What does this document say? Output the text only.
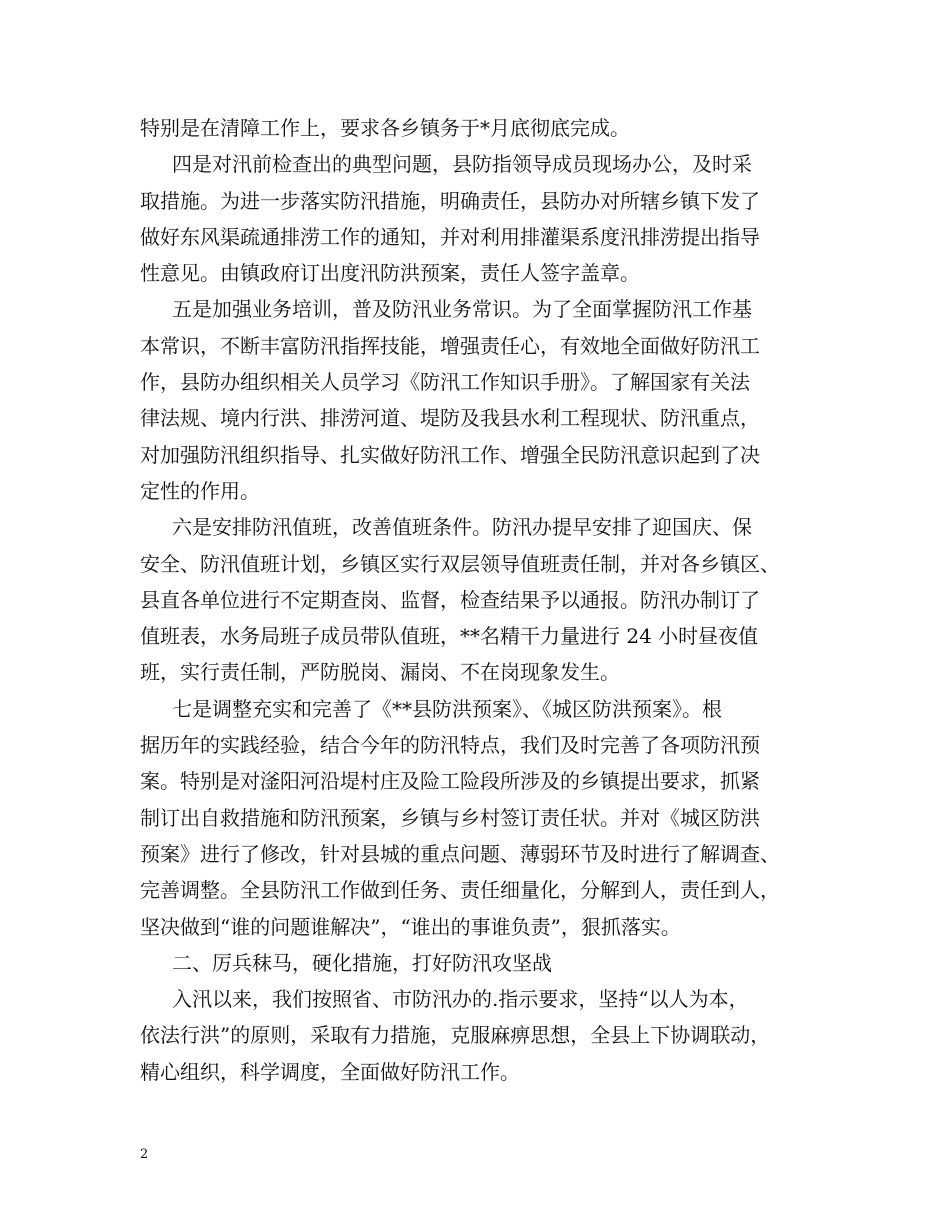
特别是在清障工作上，要求各乡镇务于*月底彻底完成。
四是对汛前检查出的典型问题，县防指领导成员现场办公，及时采
取措施。为进一步落实防汛措施，明确责任，县防办对所辖乡镇下发了
做好东风渠疏通排涝工作的通知，并对利用排灌渠系度汛排涝提出指导
性意见。由镇政府订出度汛防洪预案，责任人签字盖章。
五是加强业务培训，普及防汛业务常识。为了全面掌握防汛工作基
本常识，不断丰富防汛指挥技能，增强责任心，有效地全面做好防汛工
作，县防办组织相关人员学习《防汛工作知识手册》。了解国家有关法
律法规、境内行洪、排涝河道、堤防及我县水利工程现状、防汛重点，
对加强防汛组织指导、扎实做好防汛工作、增强全民防汛意识起到了决
定性的作用。
六是安排防汛值班，改善值班条件。防汛办提早安排了迎国庆、保
安全、防汛值班计划，乡镇区实行双层领导值班责任制，并对各乡镇区、
县直各单位进行不定期查岗、监督，检查结果予以通报。防汛办制订了
值班表，水务局班子成员带队值班，**名精干力量进行 24 小时昼夜值
班，实行责任制，严防脱岗、漏岗、不在岗现象发生。
七是调整充实和完善了《**县防洪预案》、《城区防洪预案》。根
据历年的实践经验，结合今年的防汛特点，我们及时完善了各项防汛预
案。特别是对滏阳河沿堤村庄及险工险段所涉及的乡镇提出要求，抓紧
制订出自救措施和防汛预案，乡镇与乡村签订责任状。并对《城区防洪
预案》进行了修改，针对县城的重点问题、薄弱环节及时进行了解调查、
完善调整。全县防汛工作做到任务、责任细量化，分解到人，责任到人，
坚决做到“谁的问题谁解决”，“谁出的事谁负责”，狠抓落实。
二、厉兵秣马，硬化措施，打好防汛攻坚战
入汛以来，我们按照省、市防汛办的.指示要求，坚持“以人为本，
依法行洪”的原则，采取有力措施，克服麻痹思想，全县上下协调联动，
精心组织，科学调度，全面做好防汛工作。
2
